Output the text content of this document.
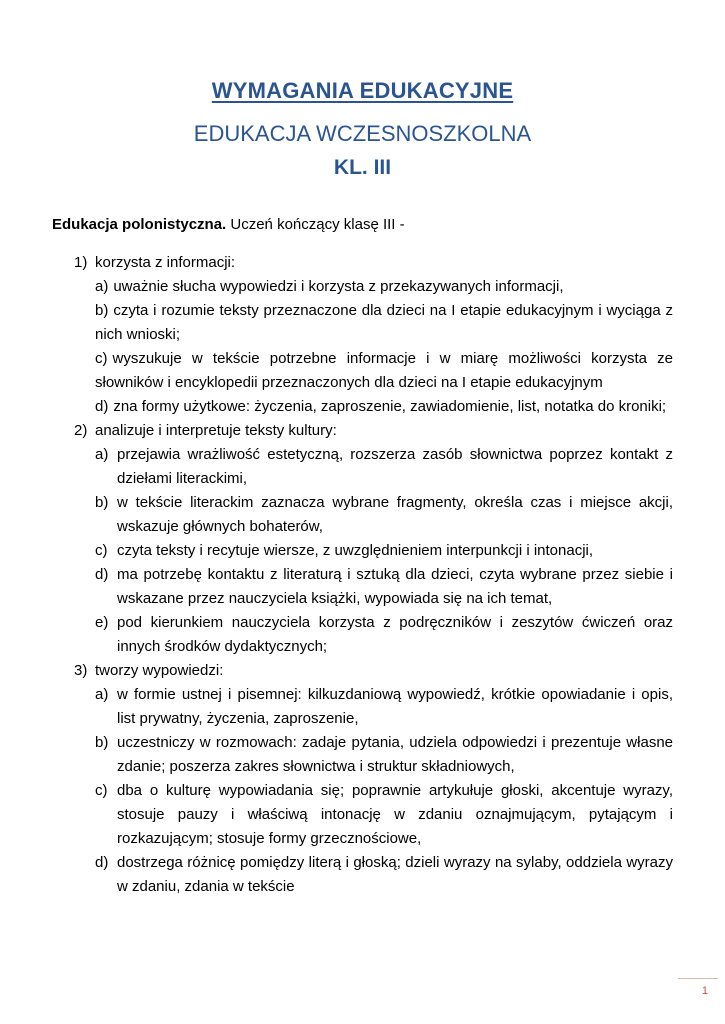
WYMAGANIA EDUKACYJNE
EDUKACJA WCZESNOSZKOLNA
KL. III
Edukacja polonistyczna. Uczeń kończący klasę III -
1) korzysta z informacji:
a) uważnie słucha wypowiedzi i korzysta z przekazywanych informacji,
b) czyta i rozumie teksty przeznaczone dla dzieci na I etapie edukacyjnym i wyciąga z nich wnioski;
c) wyszukuje w tekście potrzebne informacje i w miarę możliwości korzysta ze słowników i encyklopedii przeznaczonych dla dzieci na I etapie edukacyjnym
d) zna formy użytkowe: życzenia, zaproszenie, zawiadomienie, list, notatka do kroniki;
2) analizuje i interpretuje teksty kultury:
a) przejawia wrażliwość estetyczną, rozszerza zasób słownictwa poprzez kontakt z dziełami literackimi,
b) w tekście literackim zaznacza wybrane fragmenty, określa czas i miejsce akcji, wskazuje głównych bohaterów,
c) czyta teksty i recytuje wiersze, z uwzględnieniem interpunkcji i intonacji,
d) ma potrzebę kontaktu z literaturą i sztuką dla dzieci, czyta wybrane przez siebie i wskazane przez nauczyciela książki, wypowiada się na ich temat,
e) pod kierunkiem nauczyciela korzysta z podręczników i zeszytów ćwiczeń oraz innych środków dydaktycznych;
3) tworzy wypowiedzi:
a) w formie ustnej i pisemnej: kilkuzdaniową wypowiedź, krótkie opowiadanie i opis, list prywatny, życzenia, zaproszenie,
b) uczestniczy w rozmowach: zadaje pytania, udziela odpowiedzi i prezentuje własne zdanie; poszerza zakres słownictwa i struktur składniowych,
c) dba o kulturę wypowiadania się; poprawnie artykułuje głoski, akcentuje wyrazy, stosuje pauzy i właściwą intonację w zdaniu oznajmującym, pytającym i rozkazującym; stosuje formy grzecznościowe,
d) dostrzega różnicę pomiędzy literą i głoską; dzieli wyrazy na sylaby, oddziela wyrazy w zdaniu, zdania w tekście
1
